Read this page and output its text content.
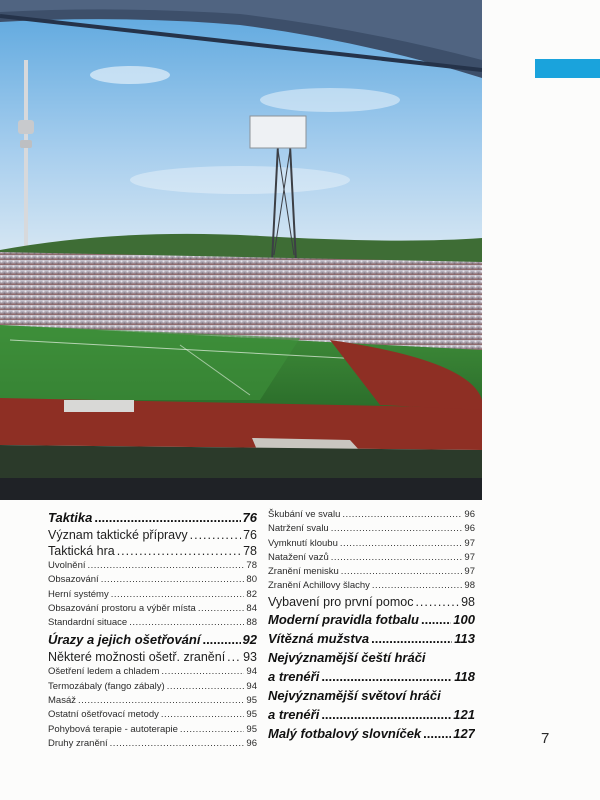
Taktika .....	76
Význam taktické přípravy .....	76
Taktická hra .....	78
Uvolnění .....	78
Obsazování .....	80
Herní systémy .....	82
Obsazování prostoru a výběr místa .....	84
Standardní situace .....	88
Úrazy a jejich ošetřování .....	92
Některé možnosti ošetř. zranění ..... 93
Ošetření ledem a chladem .....	94
Termozábaly (fango zábaly) .....	94
Masáž .....	95
Ostatní ošetřovací metody .....	95
Pohybová terapie - autoterapie .....	95
Druhy zranění .....	96
Škubání ve svalu .....	96
Natržení svalu .....	96
Vymknutí kloubu .....	97
Natažení vazů .....	97
Zranění menisku .....	97
Zranění Achillovy šlachy .....	98
Vybavení pro první pomoc .....	98
Moderní pravidla fotbalu .....	100
Vítězná mužstva .....	113
Nejvýznamější čeští hráči
a trenéři .....	118
Nejvýznamější světoví hráči
a trenéři .....	121
Malý fotbalový slovníček ..... 127	7
